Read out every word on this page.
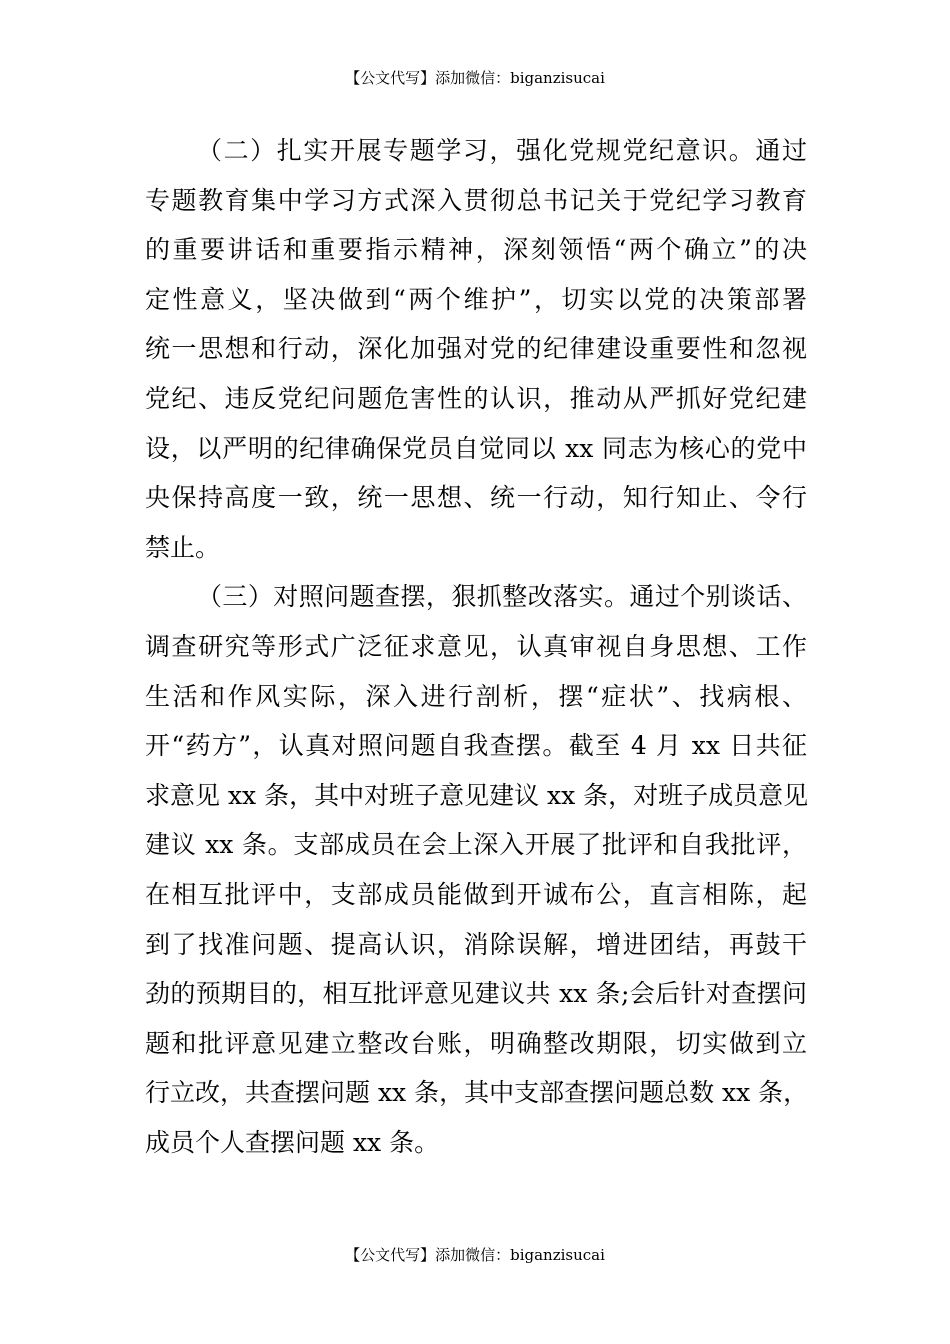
【公文代写】添加微信：biganzisucai
（二）扎实开展专题学习，强化党规党纪意识。通过
专题教育集中学习方式深入贯彻总书记关于党纪学习教育
的重要讲话和重要指示精神，深刻领悟“两个确立”的决
定性意义，坚决做到“两个维护”，切实以党的决策部署
统一思想和行动，深化加强对党的纪律建设重要性和忽视
党纪、违反党纪问题危害性的认识，推动从严抓好党纪建
设，以严明的纪律确保党员自觉同以 xx 同志为核心的党中
央保持高度一致，统一思想、统一行动，知行知止、令行
禁止。
（三）对照问题查摆，狠抓整改落实。通过个别谈话、
调查研究等形式广泛征求意见，认真审视自身思想、工作
生活和作风实际，深入进行剖析，摆“症状”、找病根、
开“药方”，认真对照问题自我查摆。截至 4 月 xx 日共征
求意见 xx 条，其中对班子意见建议 xx 条，对班子成员意见
建议 xx 条。支部成员在会上深入开展了批评和自我批评，
在相互批评中，支部成员能做到开诚布公，直言相陈，起
到了找准问题、提高认识，消除误解，增进团结，再鼓干
劲的预期目的，相互批评意见建议共 xx 条;会后针对查摆问
题和批评意见建立整改台账，明确整改期限，切实做到立
行立改，共查摆问题 xx 条，其中支部查摆问题总数 xx 条，
成员个人查摆问题 xx 条。
【公文代写】添加微信：biganzisucai
